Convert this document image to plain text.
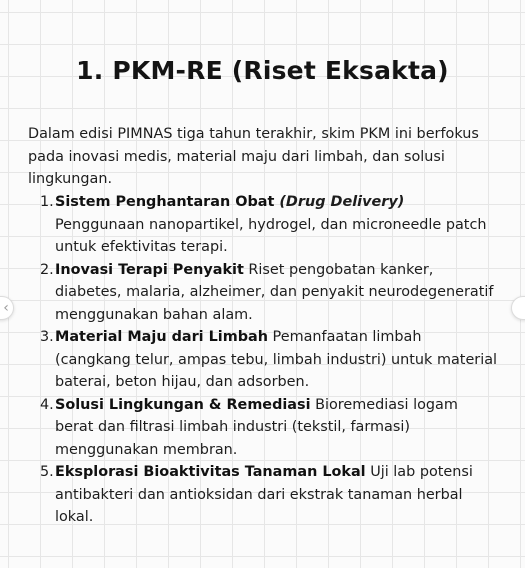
1. PKM-RE (Riset Eksakta)

Dalam edisi PIMNAS tiga tahun terakhir, skim PKM ini berfokus pada inovasi medis, material maju dari limbah, dan solusi lingkungan.

1. Sistem Penghantaran Obat (Drug Delivery)
Penggunaan nanopartikel, hydrogel, dan microneedle patch untuk efektivitas terapi.
2. Inovasi Terapi Penyakit Riset pengobatan kanker, diabetes, malaria, alzheimer, dan penyakit neurodegeneratif menggunakan bahan alam.
3. Material Maju dari Limbah Pemanfaatan limbah (cangkang telur, ampas tebu, limbah industri) untuk material baterai, beton hijau, dan adsorben.
4. Solusi Lingkungan & Remediasi Bioremediasi logam berat dan filtrasi limbah industri (tekstil, farmasi) menggunakan membran.
5. Eksplorasi Bioaktivitas Tanaman Lokal Uji lab potensi antibakteri dan antioksidan dari ekstrak tanaman herbal lokal.
‹
